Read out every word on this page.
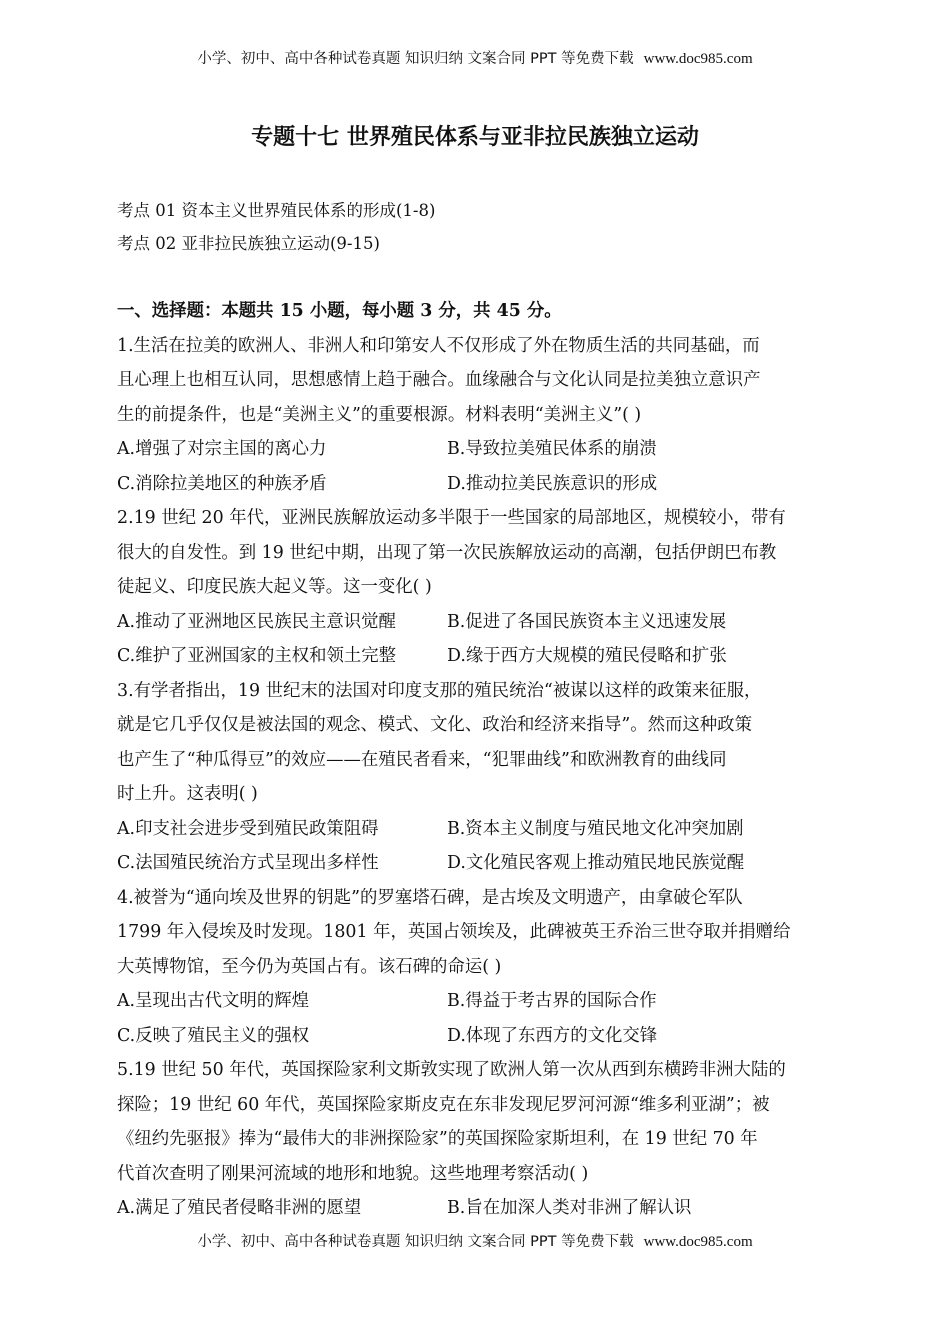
小学、初中、高中各种试卷真题 知识归纳 文案合同 PPT 等免费下载 www.doc985.com
专题十七 世界殖民体系与亚非拉民族独立运动
考点 01 资本主义世界殖民体系的形成(1-8)
考点 02 亚非拉民族独立运动(9-15)
一、选择题：本题共 15 小题，每小题 3 分，共 45 分。
1.生活在拉美的欧洲人、非洲人和印第安人不仅形成了外在物质生活的共同基础，而
且心理上也相互认同，思想感情上趋于融合。血缘融合与文化认同是拉美独立意识产
生的前提条件，也是“美洲主义”的重要根源。材料表明“美洲主义”( )
A.增强了对宗主国的离心力	B.导致拉美殖民体系的崩溃
C.消除拉美地区的种族矛盾	D.推动拉美民族意识的形成
2.19 世纪 20 年代，亚洲民族解放运动多半限于一些国家的局部地区，规模较小，带有
很大的自发性。到 19 世纪中期，出现了第一次民族解放运动的高潮，包括伊朗巴布教
徒起义、印度民族大起义等。这一变化( )
A.推动了亚洲地区民族民主意识觉醒	B.促进了各国民族资本主义迅速发展
C.维护了亚洲国家的主权和领土完整	D.缘于西方大规模的殖民侵略和扩张
3.有学者指出，19 世纪末的法国对印度支那的殖民统治“被谋以这样的政策来征服，
就是它几乎仅仅是被法国的观念、模式、文化、政治和经济来指导”。然而这种政策
也产生了“种瓜得豆”的效应——在殖民者看来，“犯罪曲线”和欧洲教育的曲线同
时上升。这表明( )
A.印支社会进步受到殖民政策阻碍	B.资本主义制度与殖民地文化冲突加剧
C.法国殖民统治方式呈现出多样性	D.文化殖民客观上推动殖民地民族觉醒
4.被誉为“通向埃及世界的钥匙”的罗塞塔石碑，是古埃及文明遗产，由拿破仑军队
1799 年入侵埃及时发现。1801 年，英国占领埃及，此碑被英王乔治三世夺取并捐赠给
大英博物馆，至今仍为英国占有。该石碑的命运( )
A.呈现出古代文明的辉煌	B.得益于考古界的国际合作
C.反映了殖民主义的强权	D.体现了东西方的文化交锋
5.19 世纪 50 年代，英国探险家利文斯敦实现了欧洲人第一次从西到东横跨非洲大陆的
探险；19 世纪 60 年代，英国探险家斯皮克在东非发现尼罗河河源“维多利亚湖”；被
《纽约先驱报》捧为“最伟大的非洲探险家”的英国探险家斯坦利，在 19 世纪 70 年
代首次查明了刚果河流域的地形和地貌。这些地理考察活动( )
A.满足了殖民者侵略非洲的愿望	B.旨在加深人类对非洲了解认识
小学、初中、高中各种试卷真题 知识归纳 文案合同 PPT 等免费下载 www.doc985.com
